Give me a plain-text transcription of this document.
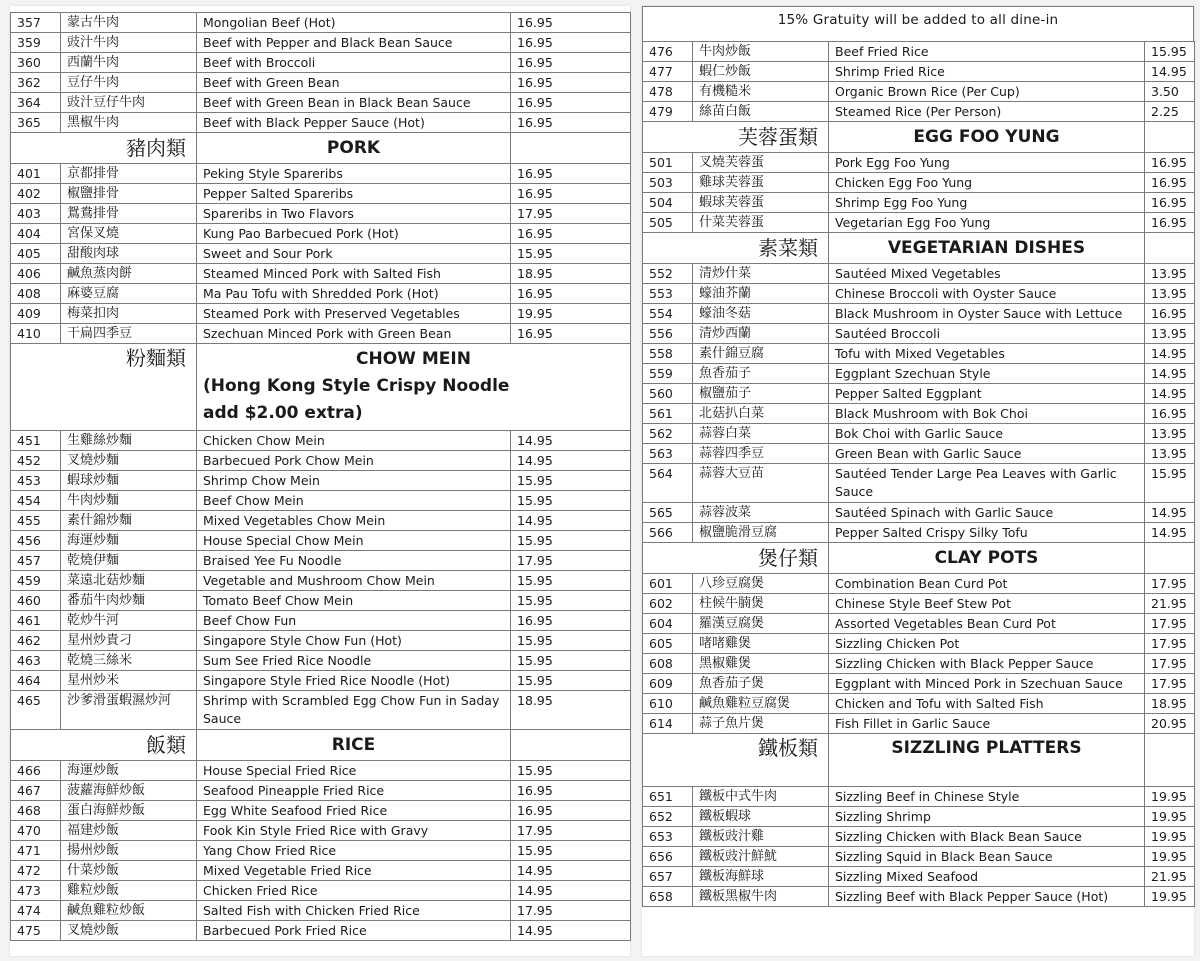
357	蒙古牛肉	Mongolian Beef (Hot)	16.95
359	豉汁牛肉	Beef with Pepper and Black Bean Sauce	16.95
360	西蘭牛肉	Beef with Broccoli	16.95
362	豆仔牛肉	Beef with Green Bean	16.95
364	豉汁豆仔牛肉	Beef with Green Bean in Black Bean Sauce	16.95
365	黑椒牛肉	Beef with Black Pepper Sauce (Hot)	16.95
豬肉類		PORK	
401	京都排骨	Peking Style Spareribs	16.95
402	椒鹽排骨	Pepper Salted Spareribs	16.95
403	鴛鴦排骨	Spareribs in Two Flavors	17.95
404	宮保叉燒	Kung Pao Barbecued Pork (Hot)	16.95
405	甜酸肉球	Sweet and Sour Pork	15.95
406	鹹魚蒸肉餅	Steamed Minced Pork with Salted Fish	18.95
408	麻婆豆腐	Ma Pau Tofu with Shredded Pork (Hot)	16.95
409	梅菜扣肉	Steamed Pork with Preserved Vegetables	19.95
410	干扁四季豆	Szechuan Minced Pork with Green Bean	16.95
粉麵類		CHOW MEIN
(Hong Kong Style Crispy Noodle
add $2.00 extra)	

451	生雞絲炒麵	Chicken Chow Mein	14.95
452	叉燒炒麵	Barbecued Pork Chow Mein	14.95
453	蝦球炒麵	Shrimp Chow Mein	15.95
454	牛肉炒麵	Beef Chow Mein	15.95
455	素什錦炒麵	Mixed Vegetables Chow Mein	14.95
456	海運炒麵	House Special Chow Mein	15.95
457	乾燒伊麵	Braised Yee Fu Noodle	17.95
459	菜遠北菇炒麵	Vegetable and Mushroom Chow Mein	15.95
460	番茄牛肉炒麵	Tomato Beef Chow Mein	15.95
461	乾炒牛河	Beef Chow Fun	16.95
462	星州炒貴刁	Singapore Style Chow Fun (Hot)	15.95
463	乾燒三絲米	Sum See Fried Rice Noodle	15.95
464	星州炒米	Singapore Style Fried Rice Noodle (Hot)	15.95
465	沙爹滑蛋蝦濕炒河	Shrimp with Scrambled Egg Chow Fun in Saday Sauce	18.95
飯類		RICE	
466	海運炒飯	House Special Fried Rice	15.95
467	菠蘿海鮮炒飯	Seafood Pineapple Fried Rice	16.95
468	蛋白海鮮炒飯	Egg White Seafood Fried Rice	16.95
470	福建炒飯	Fook Kin Style Fried Rice with Gravy	17.95
471	揚州炒飯	Yang Chow Fried Rice	15.95
472	什菜炒飯	Mixed Vegetable Fried Rice	14.95
473	雞粒炒飯	Chicken Fried Rice	14.95
474	鹹魚雞粒炒飯	Salted Fish with Chicken Fried Rice	17.95
475	叉燒炒飯	Barbecued Pork Fried Rice	14.95
15% Gratuity will be added to all dine-in
476	牛肉炒飯	Beef Fried Rice	15.95
477	蝦仁炒飯	Shrimp Fried Rice	14.95
478	有機糙米	Organic Brown Rice (Per Cup)	3.50
479	絲苗白飯	Steamed Rice (Per Person)	2.25
芙蓉蛋類		EGG FOO YUNG	
501	叉燒芙蓉蛋	Pork Egg Foo Yung	16.95
503	雞球芙蓉蛋	Chicken Egg Foo Yung	16.95
504	蝦球芙蓉蛋	Shrimp Egg Foo Yung	16.95
505	什菜芙蓉蛋	Vegetarian Egg Foo Yung	16.95
素菜類		VEGETARIAN DISHES	
552	清炒什菜	Sautéed Mixed Vegetables	13.95
553	蠔油芥蘭	Chinese Broccoli with Oyster Sauce	13.95
554	蠔油冬菇	Black Mushroom in Oyster Sauce with Lettuce	16.95
556	清炒西蘭	Sautéed Broccoli	13.95
558	素什錦豆腐	Tofu with Mixed Vegetables	14.95
559	魚香茄子	Eggplant Szechuan Style	14.95
560	椒鹽茄子	Pepper Salted Eggplant	14.95
561	北菇扒白菜	Black Mushroom with Bok Choi	16.95
562	蒜蓉白菜	Bok Choi with Garlic Sauce	13.95
563	蒜蓉四季豆	Green Bean with Garlic Sauce	13.95
564	蒜蓉大豆苗	Sautéed Tender Large Pea Leaves with Garlic Sauce	15.95
565	蒜蓉波菜	Sautéed Spinach with Garlic Sauce	14.95
566	椒鹽脆滑豆腐	Pepper Salted Crispy Silky Tofu	14.95
煲仔類		CLAY POTS	
601	八珍豆腐煲	Combination Bean Curd Pot	17.95
602	柱候牛腩煲	Chinese Style Beef Stew Pot	21.95
604	羅漢豆腐煲	Assorted Vegetables Bean Curd Pot	17.95
605	啫啫雞煲	Sizzling Chicken Pot	17.95
608	黑椒雞煲	Sizzling Chicken with Black Pepper Sauce	17.95
609	魚香茄子煲	Eggplant with Minced Pork in Szechuan Sauce	17.95
610	鹹魚雞粒豆腐煲	Chicken and Tofu with Salted Fish	18.95
614	蒜子魚片煲	Fish Fillet in Garlic Sauce	20.95
鐵板類		SIZZLING PLATTERS	
651	鐵板中式牛肉	Sizzling Beef in Chinese Style	19.95
652	鐵板蝦球	Sizzling Shrimp	19.95
653	鐵板豉汁雞	Sizzling Chicken with Black Bean Sauce	19.95
656	鐵板豉汁鮮魷	Sizzling Squid in Black Bean Sauce	19.95
657	鐵板海鮮球	Sizzling Mixed Seafood	21.95
658	鐵板黑椒牛肉	Sizzling Beef with Black Pepper Sauce (Hot)	19.95
